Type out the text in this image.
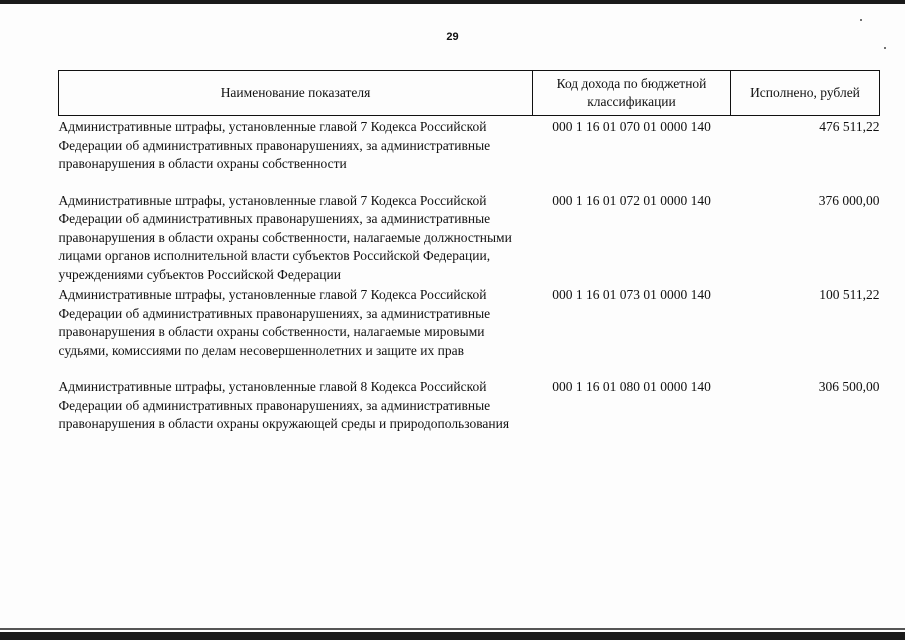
29
Наименование показателя	Код дохода по бюджетной классификации	Исполнено, рублей

Административные штрафы, установленные главой 7 Кодекса Российской Федерации об административных правонарушениях, за административные правонарушения в области охраны собственности	000 1 16 01 070 01 0000 140	476 511,22

Административные штрафы, установленные главой 7 Кодекса Российской Федерации об административных правонарушениях, за административные правонарушения в области охраны собственности, налагаемые должностными лицами органов исполнительной власти субъектов Российской Федерации, учреждениями субъектов Российской Федерации	000 1 16 01 072 01 0000 140	376 000,00

Административные штрафы, установленные главой 7 Кодекса Российской Федерации об административных правонарушениях, за административные правонарушения в области охраны собственности, налагаемые мировыми судьями, комиссиями по делам несовершеннолетних и защите их прав	000 1 16 01 073 01 0000 140	100 511,22

Административные штрафы, установленные главой 8 Кодекса Российской Федерации об административных правонарушениях, за административные правонарушения в области охраны окружающей среды и природопользования	000 1 16 01 080 01 0000 140	306 500,00
